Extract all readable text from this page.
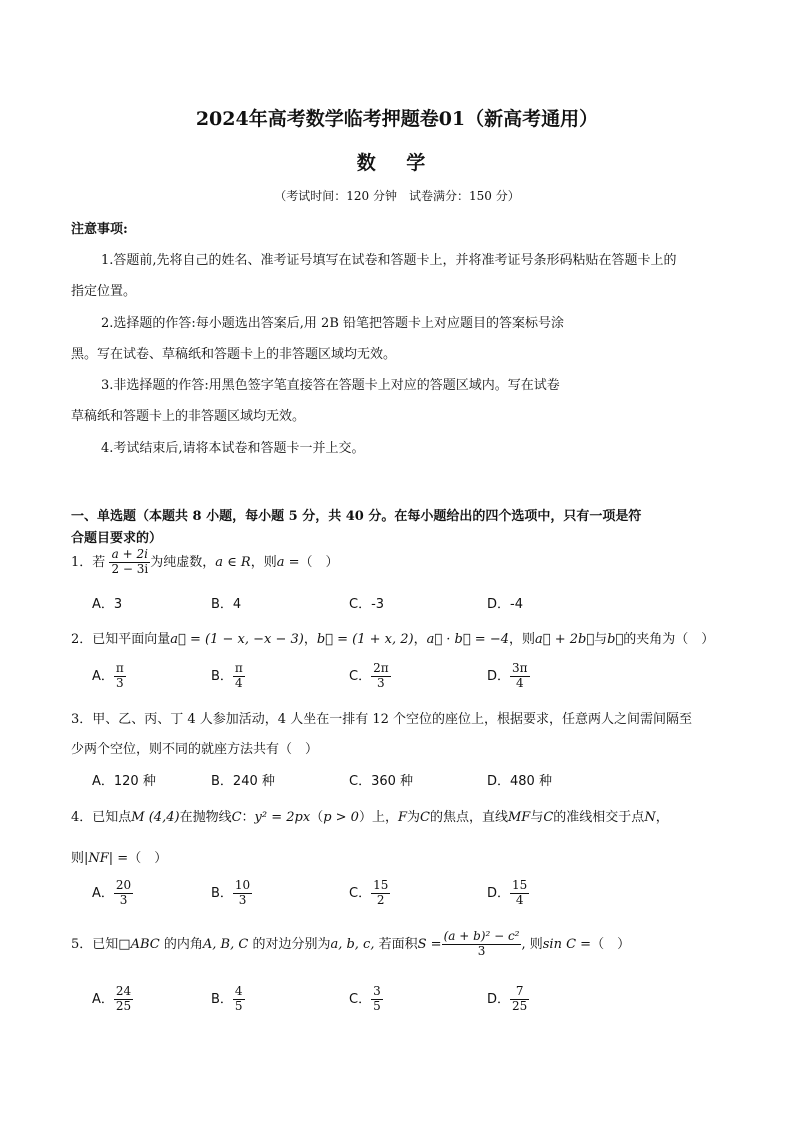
2024年高考数学临考押题卷01（新高考通用）
数 学
（考试时间：120 分钟　试卷满分：150 分）
注意事项:
1.答题前,先将自己的姓名、准考证号填写在试卷和答题卡上，并将准考证号条形码粘贴在答题卡上的
指定位置。
2.选择题的作答:每小题选出答案后,用 2B 铅笔把答题卡上对应题目的答案标号涂
黑。写在试卷、草稿纸和答题卡上的非答题区域均无效。
3.非选择题的作答:用黑色签字笔直接答在答题卡上对应的答题区域内。写在试卷
草稿纸和答题卡上的非答题区域均无效。
4.考试结束后,请将本试卷和答题卡一并上交。
一、单选题（本题共 8 小题，每小题 5 分，共 40 分。在每小题给出的四个选项中，只有一项是符
合题目要求的）
1．若 $\frac{a + 2i}{2 - 3i}$ 为纯虚数，a ∈ R，则a =（　）
A．3	B．4	C．-3	D．-4
2．已知平面向量a⃗ = (1 − x, −x − 3)，b⃗ = (1 + x, 2)，a⃗ · b⃗ = −4，则a⃗ + 2b⃗与b⃗的夹角为（　）
A． $\frac{\pi}{3}$	B． $\frac{\pi}{4}$	C． $\frac{2\pi}{3}$	D． $\frac{3\pi}{4}$
3．甲、乙、丙、丁 4 人参加活动，4 人坐在一排有 12 个空位的座位上，根据要求，任意两人之间需间隔至
少两个空位，则不同的就座方法共有（　）
A．120 种	B．240 种	C．360 种	D．480 种
4．已知点M (4,4)在抛物线C：y² = 2px（p > 0）上，F为C的焦点，直线MF与C的准线相交于点N，
则|NF| =（　）
A． $\frac{20}{3}$	B． $\frac{10}{3}$	C． $\frac{15}{2}$	D． $\frac{15}{4}$
5．已知□ABC 的内角A, B, C 的对边分别为a, b, c, 若面积$S = \frac{\text{(a + b)² − c²}}{3}$ , 则sin C =（　）
A． $\frac{24}{25}$	B． $\frac{4}{5}$	C． $\frac{3}{5}$	D． $\frac{7}{25}$
